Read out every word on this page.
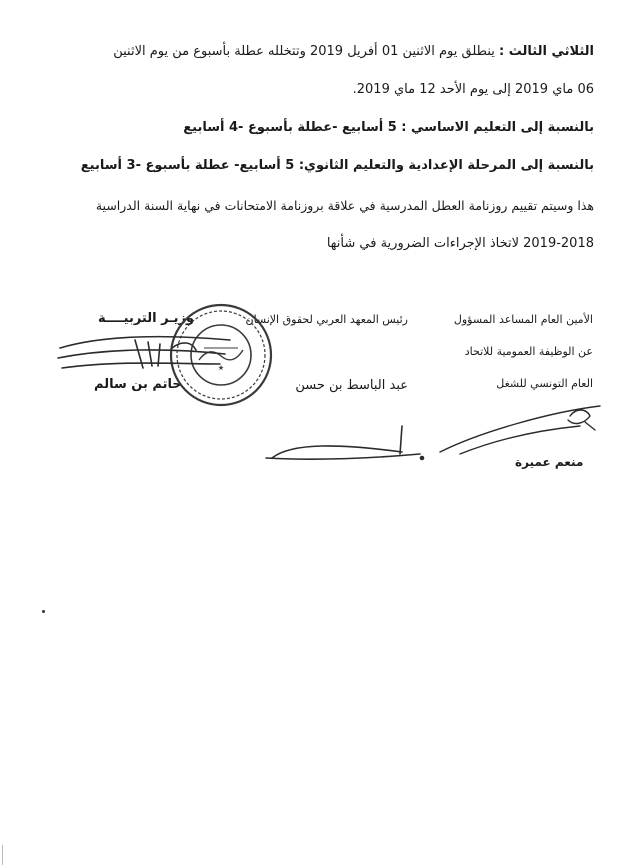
الثلاثي الثالث : ينطلق يوم الاثنين 01 أفريل 2019 وتتخلله عطلة بأسبوع من يوم الاثنين
06 ماي 2019 إلى يوم الأحد 12 ماي 2019.
بالنسبة إلى التعليم الاساسي : 5 أسابيع -عطلة بأسبوع -4 أسابيع
بالنسبة إلى المرحلة الإعدادية والتعليم الثانوي: 5 أسابيع- عطلة بأسبوع -3 أسابيع
هذا وسيتم تقييم روزنامة العطل المدرسية في علاقة بروزنامة الامتحانات في نهاية السنة الدراسية
2019-2018 لاتخاذ الإجراءات الضرورية في شأنها
الأمين العام المساعد المسؤول
عن الوظيفة العمومية للاتحاد
العام التونسي للشغل
رئيس المعهد العربي لحقوق الإنسان
عبد الباسط بن حسن
وزيـر التربيــــة
حاتم بن سالم
منعم عميرة
★
